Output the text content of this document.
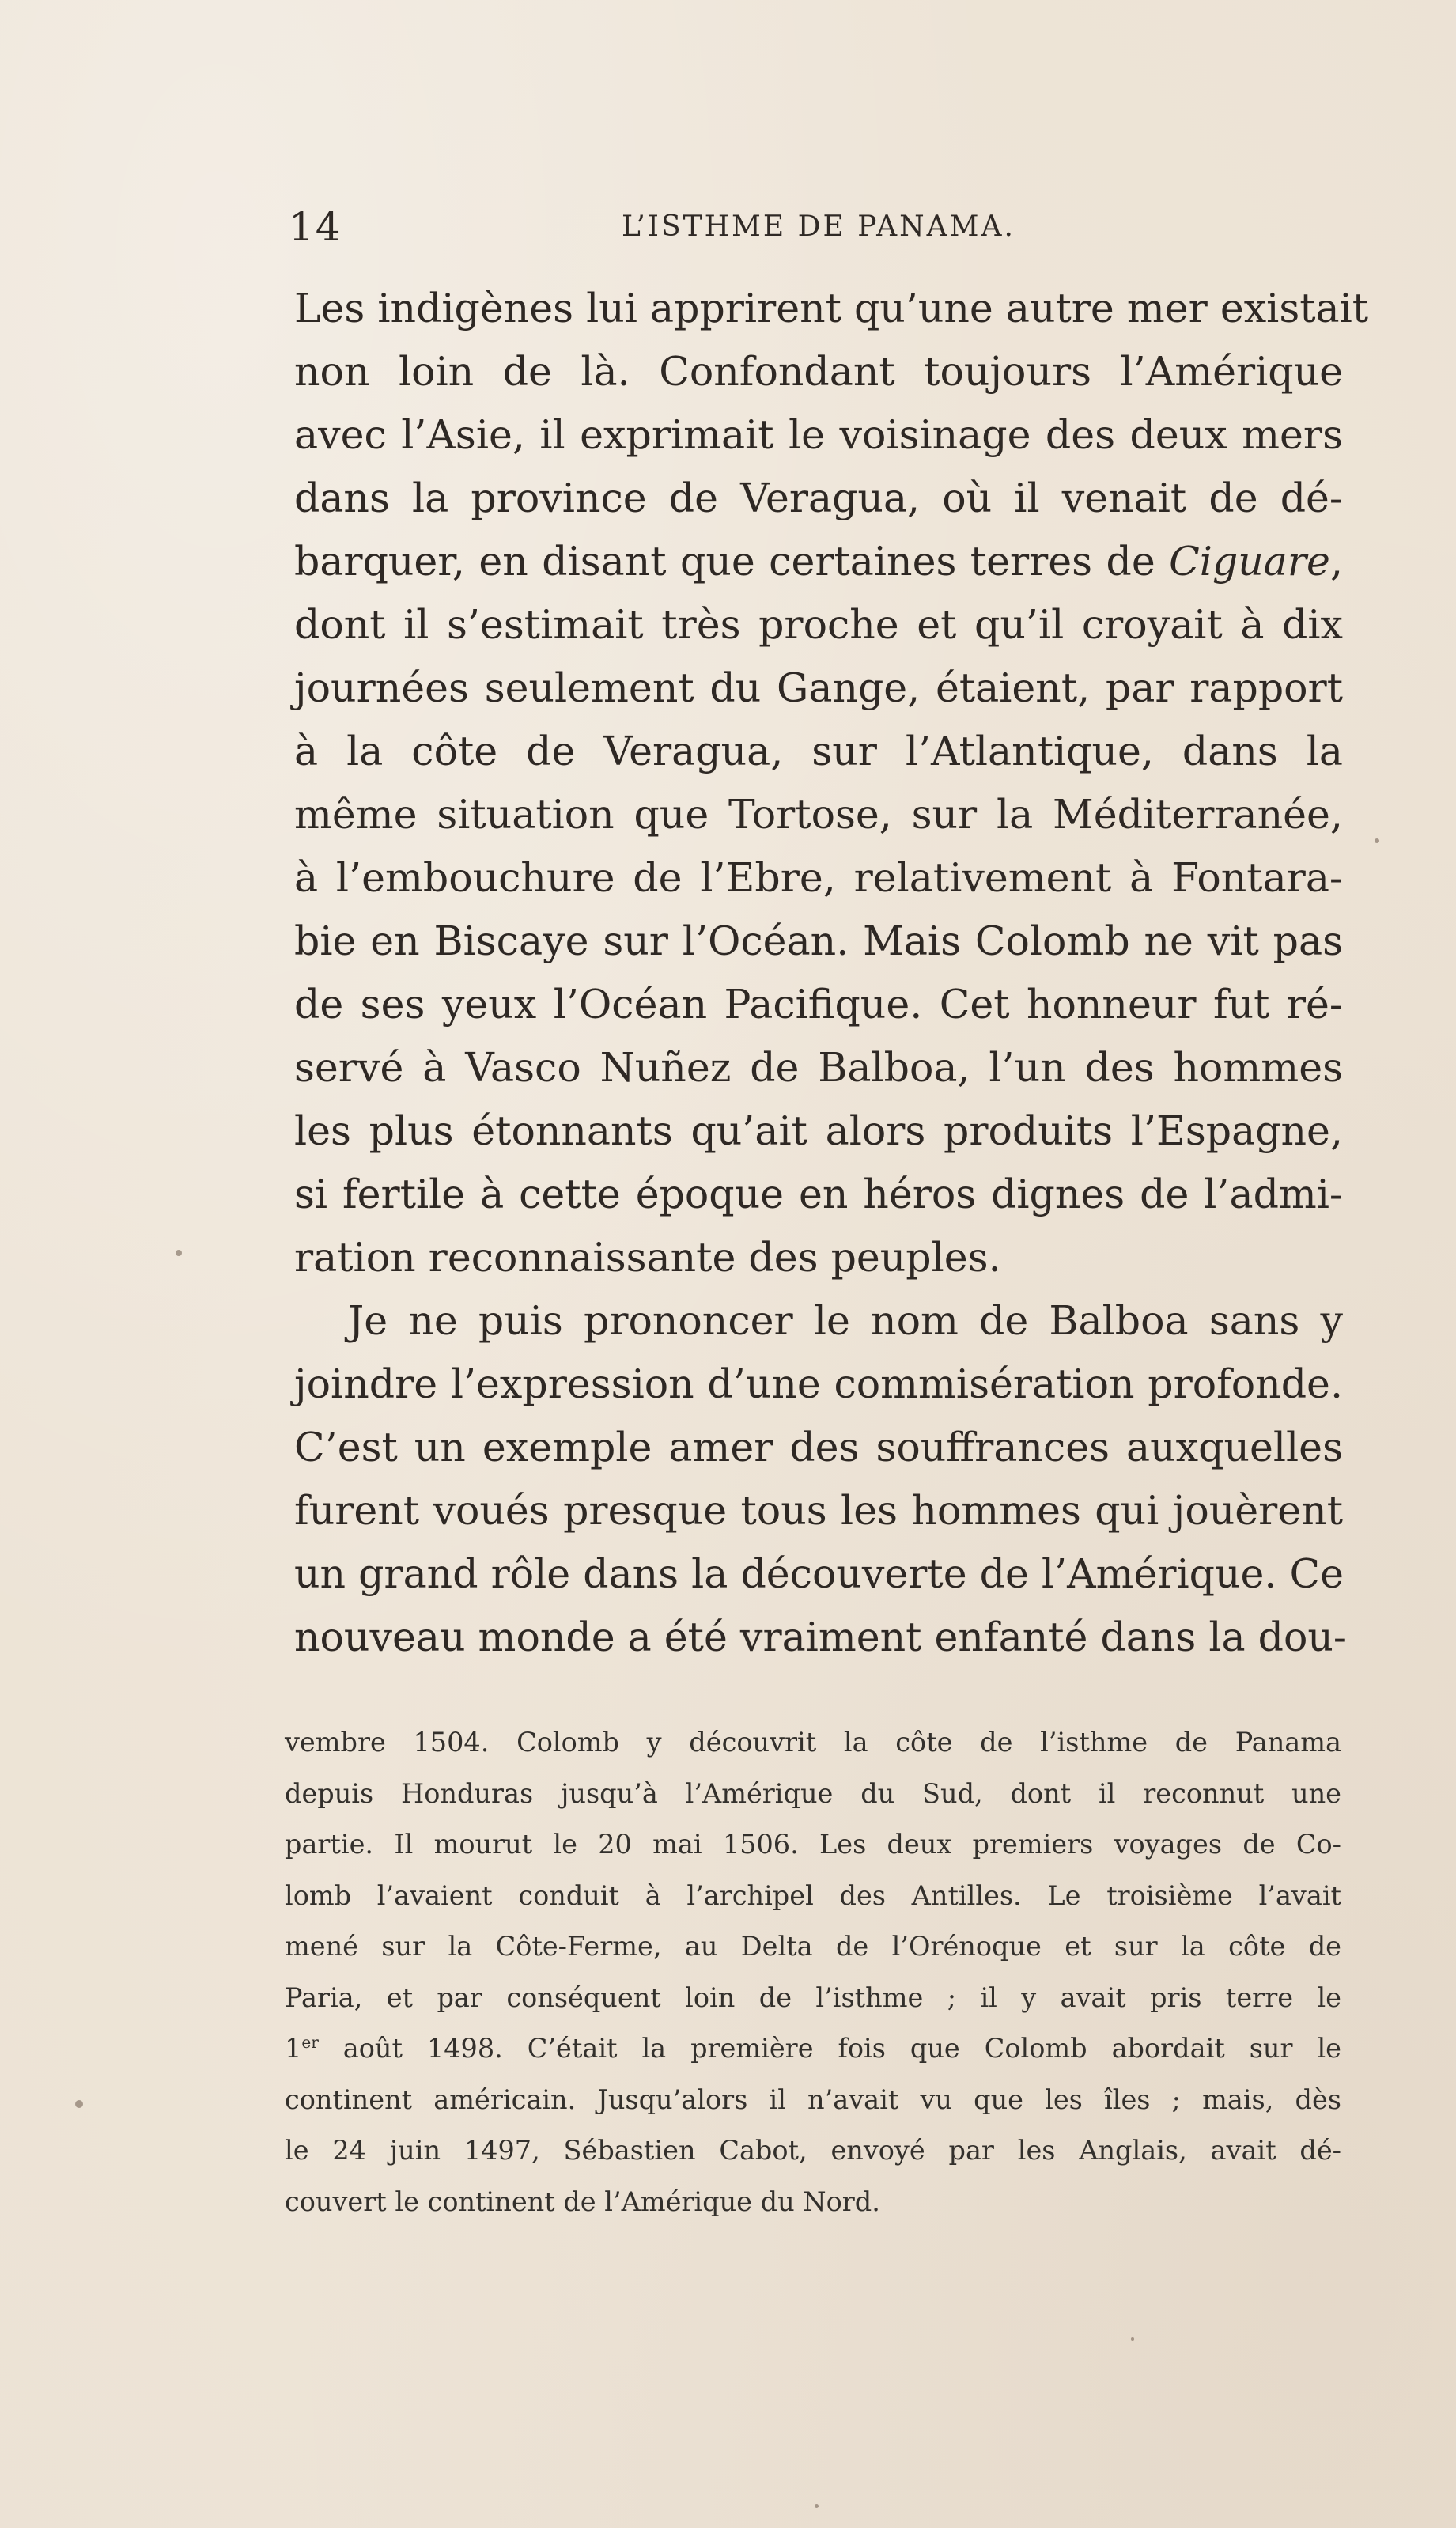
14	L’ISTHME DE PANAMA.
Les indigènes lui apprirent qu’une autre mer existait
non loin de là. Confondant toujours l’Amérique
avec l’Asie, il exprimait le voisinage des deux mers
dans la province de Veragua, où il venait de dé-
barquer, en disant que certaines terres de Ciguare,
dont il s’estimait très proche et qu’il croyait à dix
journées seulement du Gange, étaient, par rapport
à la côte de Veragua, sur l’Atlantique, dans la
même situation que Tortose, sur la Méditerranée,
à l’embouchure de l’Ebre, relativement à Fontara-
bie en Biscaye sur l’Océan. Mais Colomb ne vit pas
de ses yeux l’Océan Pacifique. Cet honneur fut ré-
servé à Vasco Nuñez de Balboa, l’un des hommes
les plus étonnants qu’ait alors produits l’Espagne,
si fertile à cette époque en héros dignes de l’admi-
ration reconnaissante des peuples.
Je ne puis prononcer le nom de Balboa sans y
joindre l’expression d’une commisération profonde.
C’est un exemple amer des souffrances auxquelles
furent voués presque tous les hommes qui jouèrent
un grand rôle dans la découverte de l’Amérique. Ce
nouveau monde a été vraiment enfanté dans la dou-
vembre 1504. Colomb y découvrit la côte de l’isthme de Panama
depuis Honduras jusqu’à l’Amérique du Sud, dont il reconnut une
partie. Il mourut le 20 mai 1506. Les deux premiers voyages de Co-
lomb l’avaient conduit à l’archipel des Antilles. Le troisième l’avait
mené sur la Côte-Ferme, au Delta de l’Orénoque et sur la côte de
Paria, et par conséquent loin de l’isthme ; il y avait pris terre le
1er août 1498. C’était la première fois que Colomb abordait sur le
continent américain. Jusqu’alors il n’avait vu que les îles ; mais, dès
le 24 juin 1497, Sébastien Cabot, envoyé par les Anglais, avait dé-
couvert le continent de l’Amérique du Nord.
